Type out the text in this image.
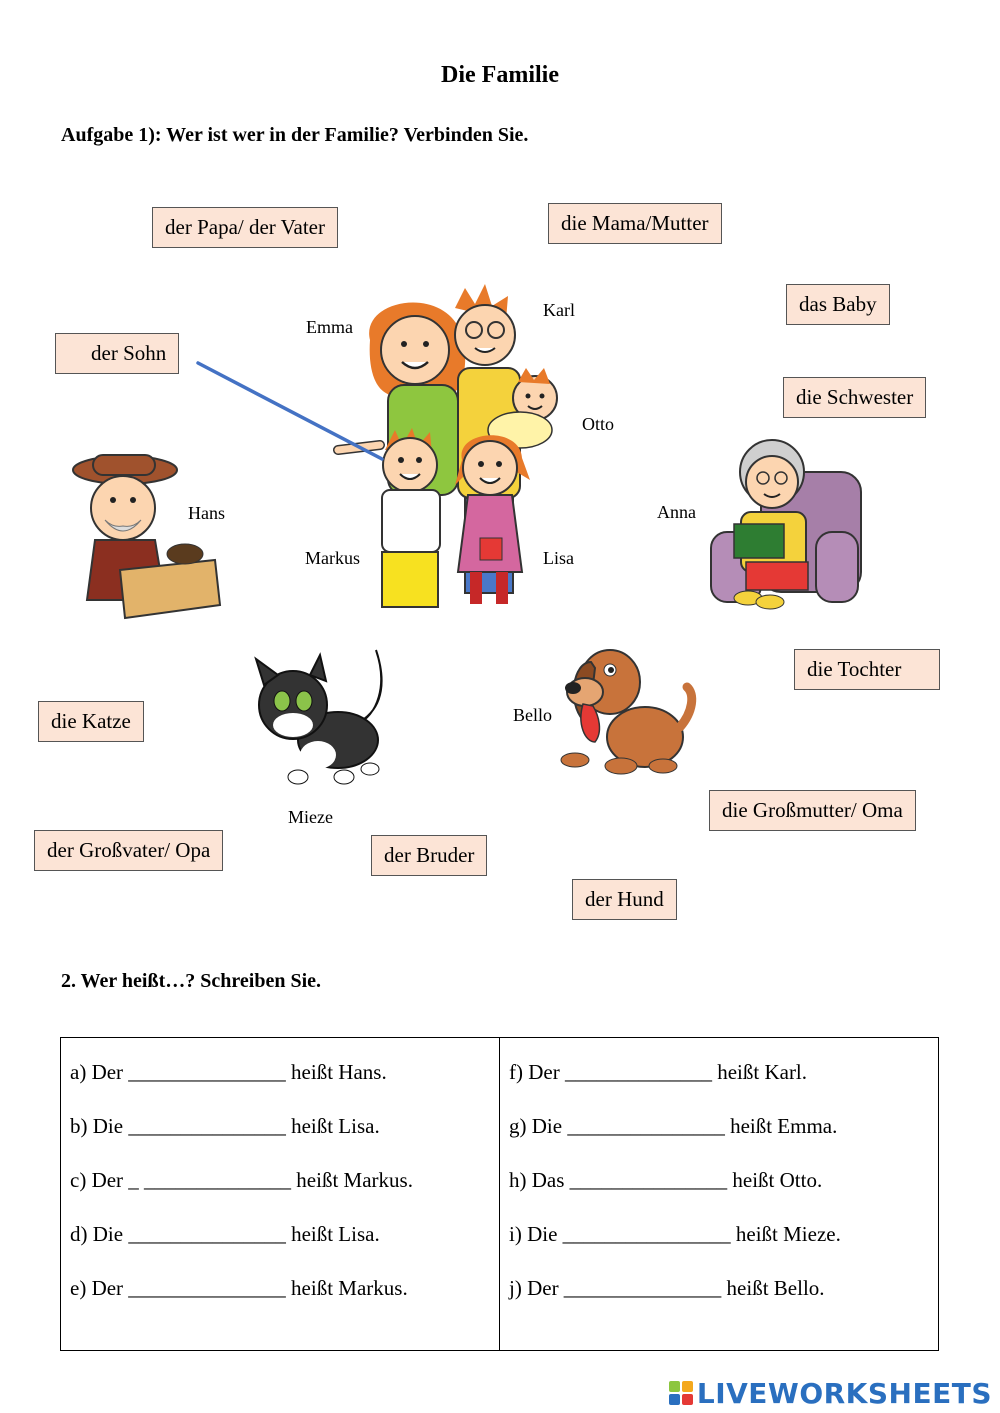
Die Familie
Aufgabe 1): Wer ist wer in der Familie? Verbinden Sie.
der Papa/ der Vater	die Mama/Mutter
das Baby
der Sohn
die Schwester
die Tochter
die Katze
die Großmutter/ Oma
der Großvater/ Opa	der Bruder
der Hund
Emma
Karl
Otto
Hans	Anna
Markus	Lisa
Bello
Mieze
2. Wer heißt…? Schreiben Sie.
a) Der _______________ heißt Hans.
b) Die _______________ heißt Lisa.
c) Der _ ______________ heißt Markus.
d) Die _______________ heißt Lisa.
e) Der _______________ heißt Markus.
f) Der ______________ heißt Karl.
g) Die _______________ heißt Emma.
h) Das _______________ heißt Otto.
i) Die ________________ heißt Mieze.
j) Der _______________ heißt Bello.
LIVEWORKSHEETS
